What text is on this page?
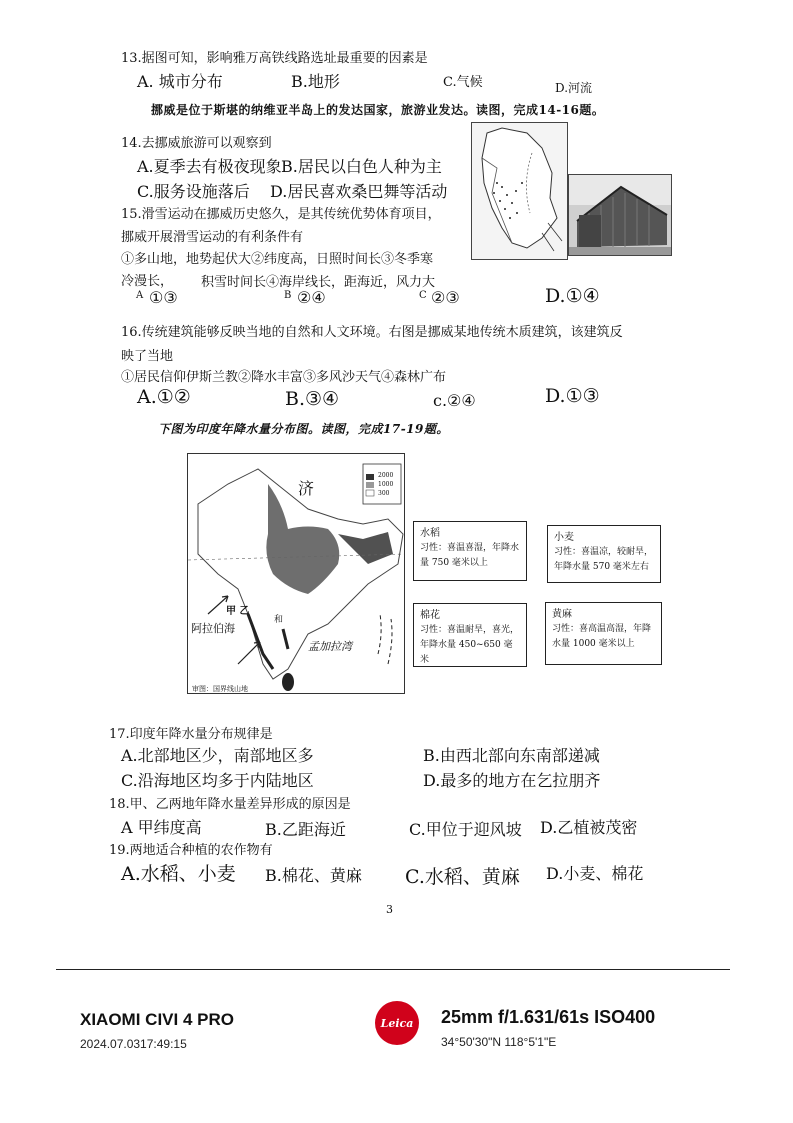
13.据图可知，影响雅万高铁线路选址最重要的因素是
A. 城市分布	B.地形	C.气候	D.河流
挪威是位于斯堪的纳维亚半岛上的发达国家，旅游业发达。读图，完成14-16题。
14.去挪威旅游可以观察到
A.夏季去有极夜现象 B.居民以白色人种为主
C.服务设施落后 D.居民喜欢桑巴舞等活动
15.滑雪运动在挪威历史悠久，是其传统优势体育项目，
挪威开展滑雪运动的有利条件有
①多山地，地势起伏大②纬度高，日照时间长③冬季寒
冷漫长， 积雪时间长④海岸线长，距海近，风力大
A ①③	B ②④	C ②③	D.①④
16.传统建筑能够反映当地的自然和人文环境。右图是挪威某地传统木质建筑，该建筑反
映了当地
①居民信仰伊斯兰教②降水丰富③多风沙天气④森林广布
A.①②	B.③④	c.②④	D.①③
下图为印度年降水量分布图。读图，完成17-19题。
2000
1000
300
济
甲 乙
阿拉伯海
和
孟加拉湾
审图：国界线山地
水稻
习性：喜温喜湿，年降水
量 750 毫米以上
小麦
习性：喜温凉，较耐旱，
年降水量 570 毫米左右
棉花
习性：喜温耐旱，喜光，
年降水量 450~650 毫米
黄麻
习性：喜高温高湿，年降
水量 1000 毫米以上
17.印度年降水量分布规律是
A.北部地区少，南部地区多	B.由西北部向东南部递减
C.沿海地区均多于内陆地区	D.最多的地方在乞拉朋齐
18.甲、乙两地年降水量差异形成的原因是
A 甲纬度高	B.乙距海近	C.甲位于迎风坡 D.乙植被茂密
19.两地适合种植的农作物有
A.水稻、小麦 B.棉花、黄麻 C.水稻、黄麻 D.小麦、棉花
3
XIAOMI CIVI 4 PRO
2024.07.0317:49:15
Leica 25mm f/1.631/61s ISO400
34°50'30"N 118°5'1"E
